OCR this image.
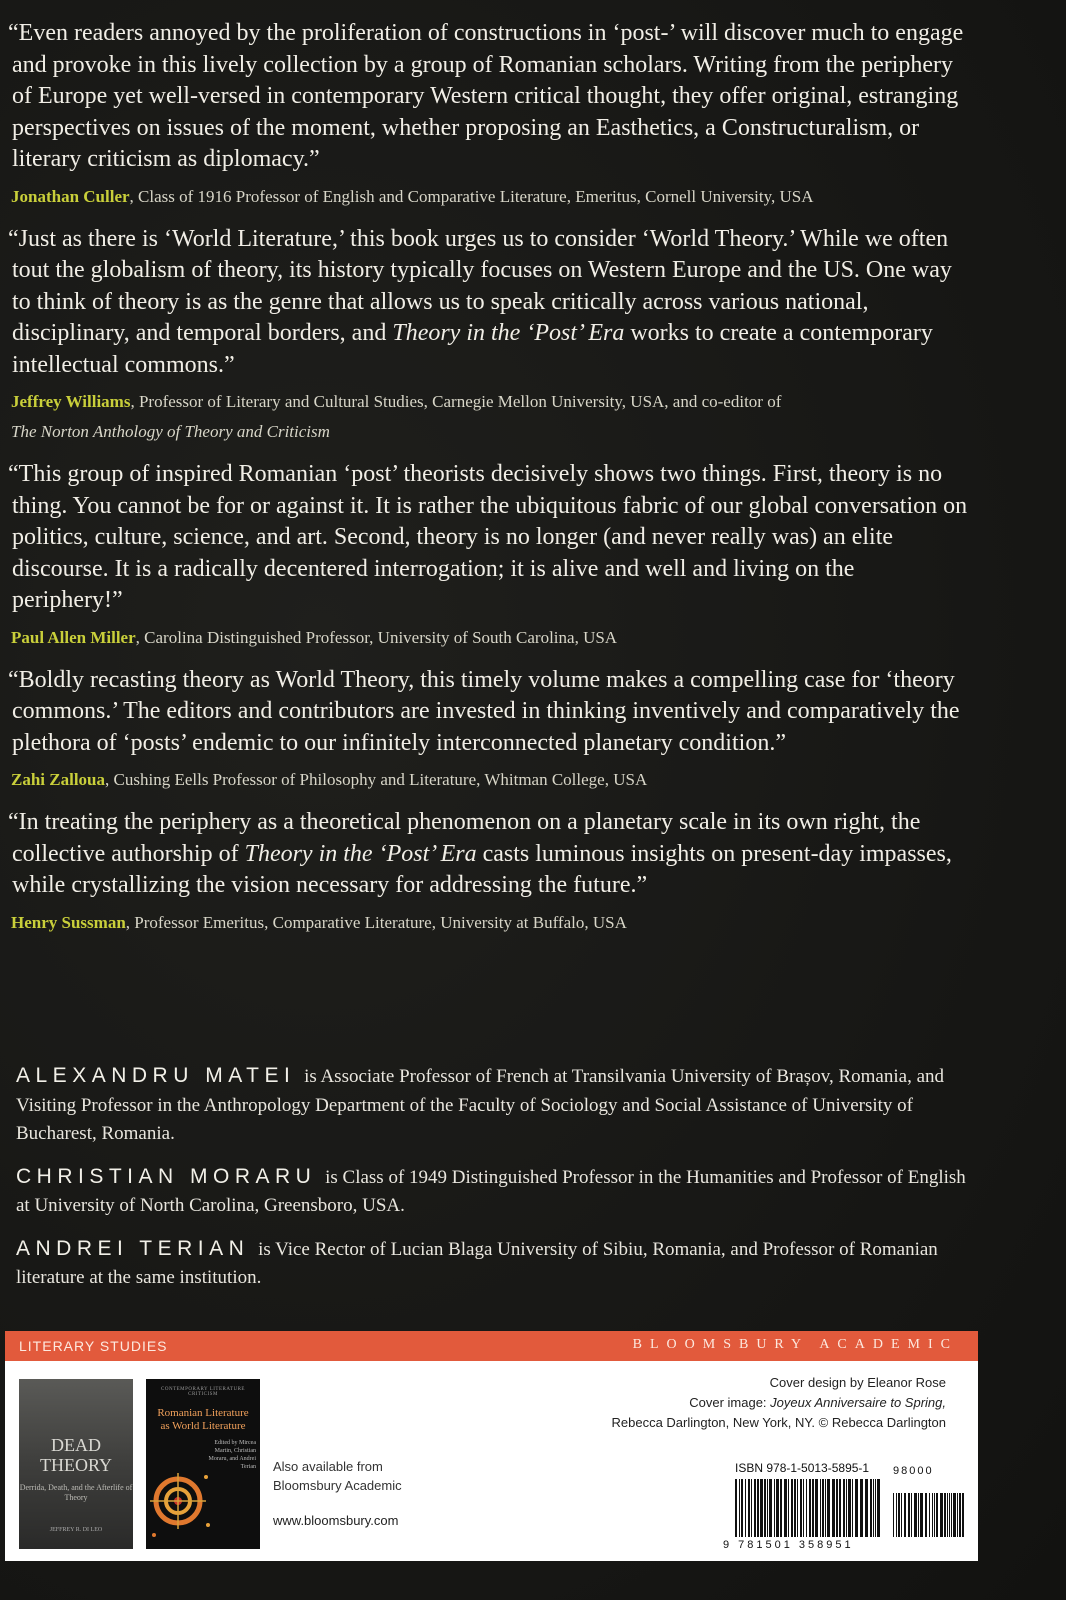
“Even readers annoyed by the proliferation of constructions in ‘post-’ will discover much to engage and provoke in this lively collection by a group of Romanian scholars. Writing from the periphery of Europe yet well-versed in contemporary Western critical thought, they offer original, estranging perspectives on issues of the moment, whether proposing an Easthetics, a Constructuralism, or literary criticism as diplomacy.”

Jonathan Culler, Class of 1916 Professor of English and Comparative Literature, Emeritus, Cornell University, USA

“Just as there is ‘World Literature,’ this book urges us to consider ‘World Theory.’ While we often tout the globalism of theory, its history typically focuses on Western Europe and the US. One way to think of theory is as the genre that allows us to speak critically across various national, disciplinary, and temporal borders, and Theory in the ‘Post’ Era works to create a contemporary intellectual commons.”

Jeffrey Williams, Professor of Literary and Cultural Studies, Carnegie Mellon University, USA, and co-editor of
The Norton Anthology of Theory and Criticism

“This group of inspired Romanian ‘post’ theorists decisively shows two things. First, theory is no thing. You cannot be for or against it. It is rather the ubiquitous fabric of our global conversation on politics, culture, science, and art. Second, theory is no longer (and never really was) an elite discourse. It is a radically decentered interrogation; it is alive and well and living on the periphery!”

Paul Allen Miller, Carolina Distinguished Professor, University of South Carolina, USA

“Boldly recasting theory as World Theory, this timely volume makes a compelling case for ‘theory commons.’ The editors and contributors are invested in thinking inventively and comparatively the plethora of ‘posts’ endemic to our infinitely interconnected planetary condition.”

Zahi Zalloua, Cushing Eells Professor of Philosophy and Literature, Whitman College, USA

“In treating the periphery as a theoretical phenomenon on a planetary scale in its own right, the collective authorship of Theory in the ‘Post’ Era casts luminous insights on present-day impasses, while crystallizing the vision necessary for addressing the future.”

Henry Sussman, Professor Emeritus, Comparative Literature, University at Buffalo, USA

ALEXANDRU MATEI is Associate Professor of French at Transilvania University of Brașov, Romania, and Visiting Professor in the Anthropology Department of the Faculty of Sociology and Social Assistance of University of Bucharest, Romania.
CHRISTIAN MORARU is Class of 1949 Distinguished Professor in the Humanities and Professor of English at University of North Carolina, Greensboro, USA.
ANDREI TERIAN is Vice Rector of Lucian Blaga University of Sibiu, Romania, and Professor of Romanian literature at the same institution.
LITERARY STUDIES	BLOOMSBURY ACADEMIC
DEAD
THEORY
Derrida, Death, and the Afterlife of Theory
JEFFREY R. DI LEO
CONTEMPORARY LITERATURE CRITICISM
Romanian Literature
as World Literature
Edited by Mircea Martin, Christian Moraru, and Andrei Terian Also available from
Bloomsbury Academic
www.bloomsbury.com
Cover design by Eleanor Rose
Cover image: Joyeux Anniversaire to Spring,
Rebecca Darlington, New York, NY. © Rebecca Darlington
ISBN 978-1-5013-5895-1 98000
9 781501 358951
